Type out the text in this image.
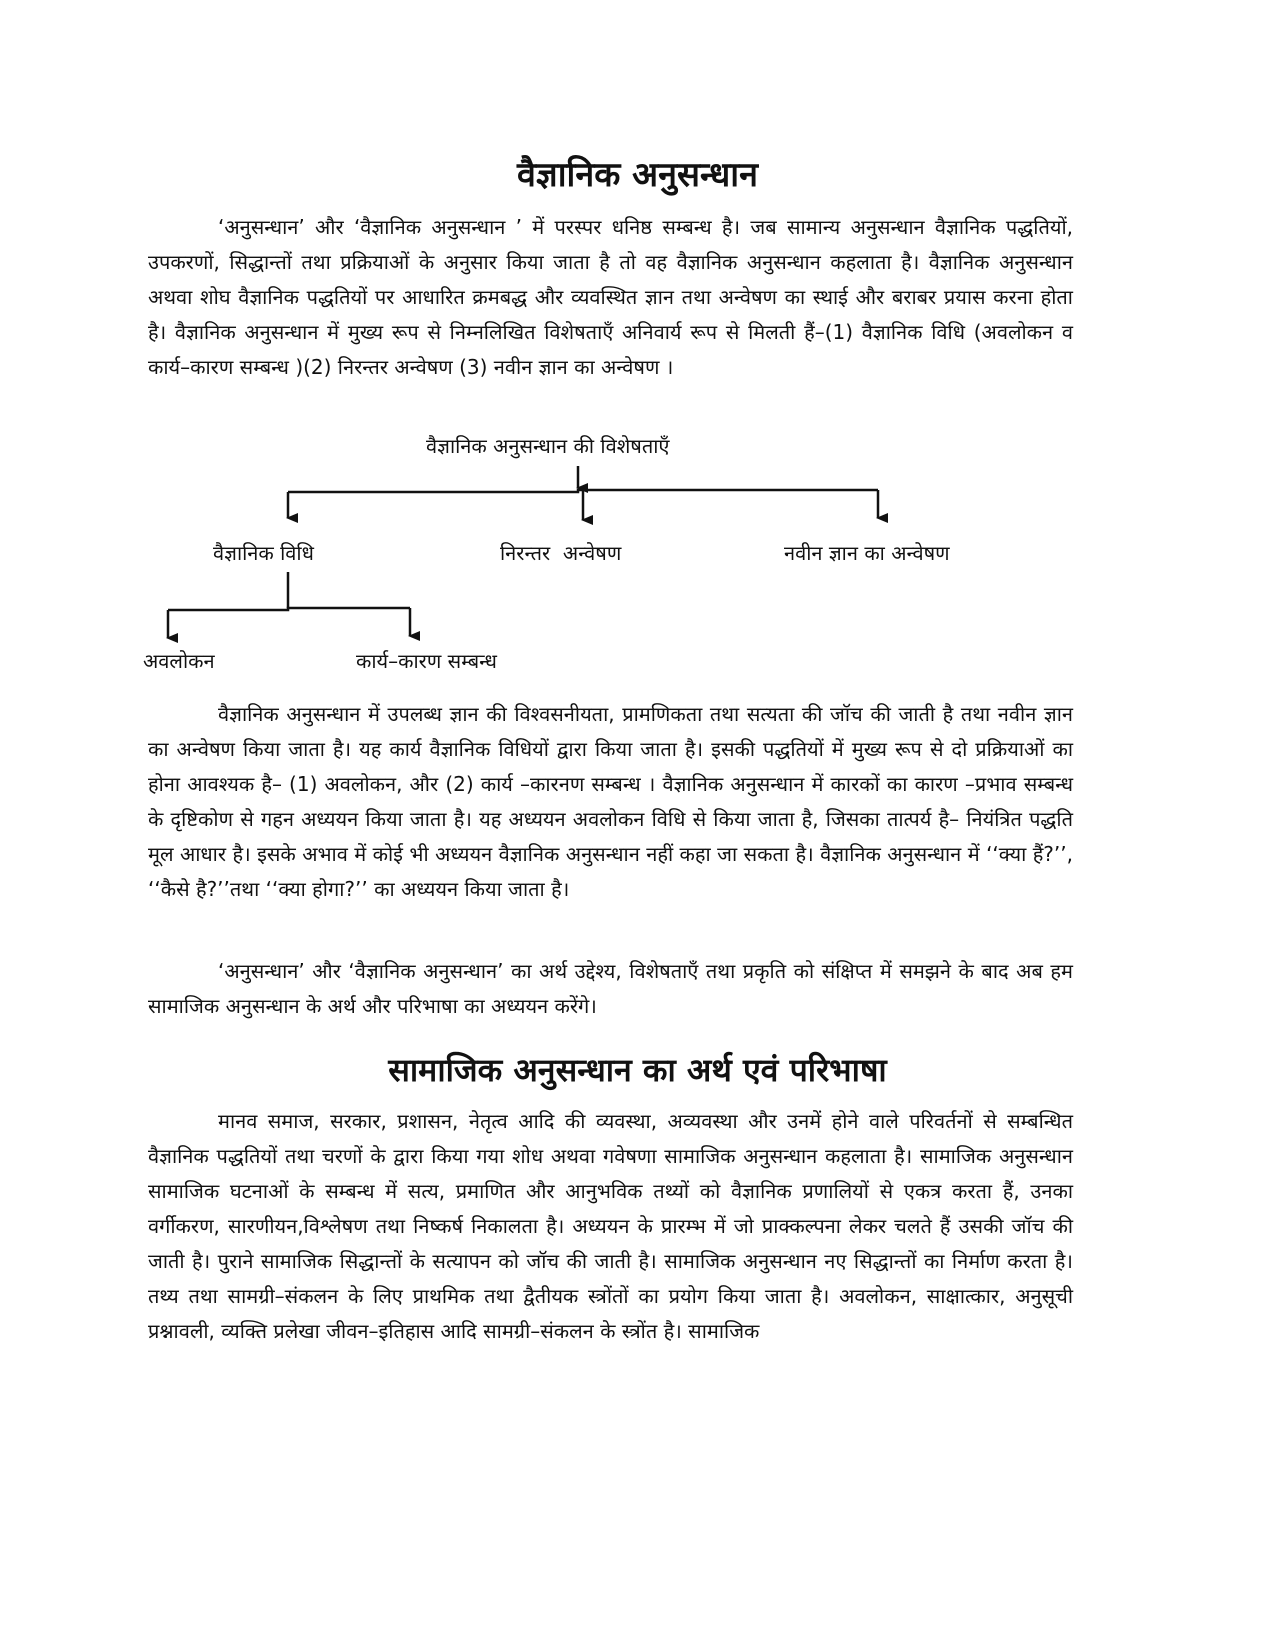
वैज्ञानिक अनुसन्धान

‘अनुसन्धान’ और ‘वैज्ञानिक अनुसन्धान ’ में परस्पर धनिष्ठ सम्बन्ध है। जब सामान्य अनुसन्धान वैज्ञानिक पद्धतियों, उपकरणों, सिद्धान्तों तथा प्रक्रियाओं के अनुसार किया जाता है तो वह वैज्ञानिक अनुसन्धान कहलाता है। वैज्ञानिक अनुसन्धान अथवा शोघ वैज्ञानिक पद्धतियों पर आधारित क्रमबद्ध और व्यवस्थित ज्ञान तथा अन्वेषण का स्थाई और बराबर प्रयास करना होता है। वैज्ञानिक अनुसन्धान में मुख्य रूप से निम्नलिखित विशेषताएँ अनिवार्य रूप से मिलती हैं–(1) वैज्ञानिक विधि (अवलोकन व कार्य–कारण सम्बन्ध )(2) निरन्तर अन्वेषण (3) नवीन ज्ञान का अन्वेषण ।

वैज्ञानिक अनुसन्धान की विशेषताएँ

वैज्ञानिक विधि	निरन्तर  अन्वेषण	नवीन ज्ञान का अन्वेषण

अवलोकन	कार्य–कारण सम्बन्ध

वैज्ञानिक अनुसन्धान में उपलब्ध ज्ञान की विश्वसनीयता, प्रामणिकता तथा सत्यता की जॉच की जाती है तथा नवीन ज्ञान का अन्वेषण किया जाता है। यह कार्य वैज्ञानिक विधियों द्वारा किया जाता है। इसकी पद्धतियों में मुख्य रूप से दो प्रक्रियाओं का होना आवश्यक है– (1) अवलोकन, और (2) कार्य –कारनण सम्बन्ध । वैज्ञानिक अनुसन्धान में कारकों का कारण –प्रभाव सम्बन्ध के दृष्टिकोण से गहन अध्ययन किया जाता है। यह अध्ययन अवलोकन विधि से किया जाता है, जिसका तात्पर्य है– नियंत्रित पद्धति मूल आधार है। इसके अभाव में कोई भी अध्ययन वैज्ञानिक अनुसन्धान नहीं कहा जा सकता है। वैज्ञानिक अनुसन्धान में ‘‘क्या हैं?’’, ‘‘कैसे है?’’तथा ‘‘क्या होगा?’’ का अध्ययन किया जाता है।

‘अनुसन्धान’ और ‘वैज्ञानिक अनुसन्धान’ का अर्थ उद्देश्य, विशेषताएँ तथा प्रकृति को संक्षिप्त में समझने के बाद अब हम सामाजिक अनुसन्धान के अर्थ और परिभाषा का अध्ययन करेंगे।

सामाजिक अनुसन्धान का अर्थ एवं परिभाषा

मानव समाज, सरकार, प्रशासन, नेतृत्व आदि की व्यवस्था, अव्यवस्था और उनमें होने वाले परिवर्तनों से सम्बन्धित वैज्ञानिक पद्धतियों तथा चरणों के द्वारा किया गया शोध अथवा गवेषणा सामाजिक अनुसन्धान कहलाता है। सामाजिक अनुसन्धान सामाजिक घटनाओं के सम्बन्ध में सत्य, प्रमाणित और आनुभविक तथ्यों को वैज्ञानिक प्रणालियों से एकत्र करता हैं, उनका वर्गीकरण, सारणीयन,विश्लेषण तथा निष्कर्ष निकालता है। अध्ययन के प्रारम्भ में जो प्राक्कल्पना लेकर चलते हैं उसकी जॉच की जाती है। पुराने सामाजिक सिद्धान्तों के सत्यापन को जॉच की जाती है। सामाजिक अनुसन्धान नए सिद्धान्तों का निर्माण करता है। तथ्य तथा सामग्री–संकलन के लिए प्राथमिक तथा द्वैतीयक स्त्रोंतों का प्रयोग किया जाता है। अवलोकन, साक्षात्कार, अनुसूची प्रश्नावली, व्यक्ति प्रलेखा जीवन–इतिहास आदि सामग्री–संकलन के स्त्रोंत है। सामाजिक
